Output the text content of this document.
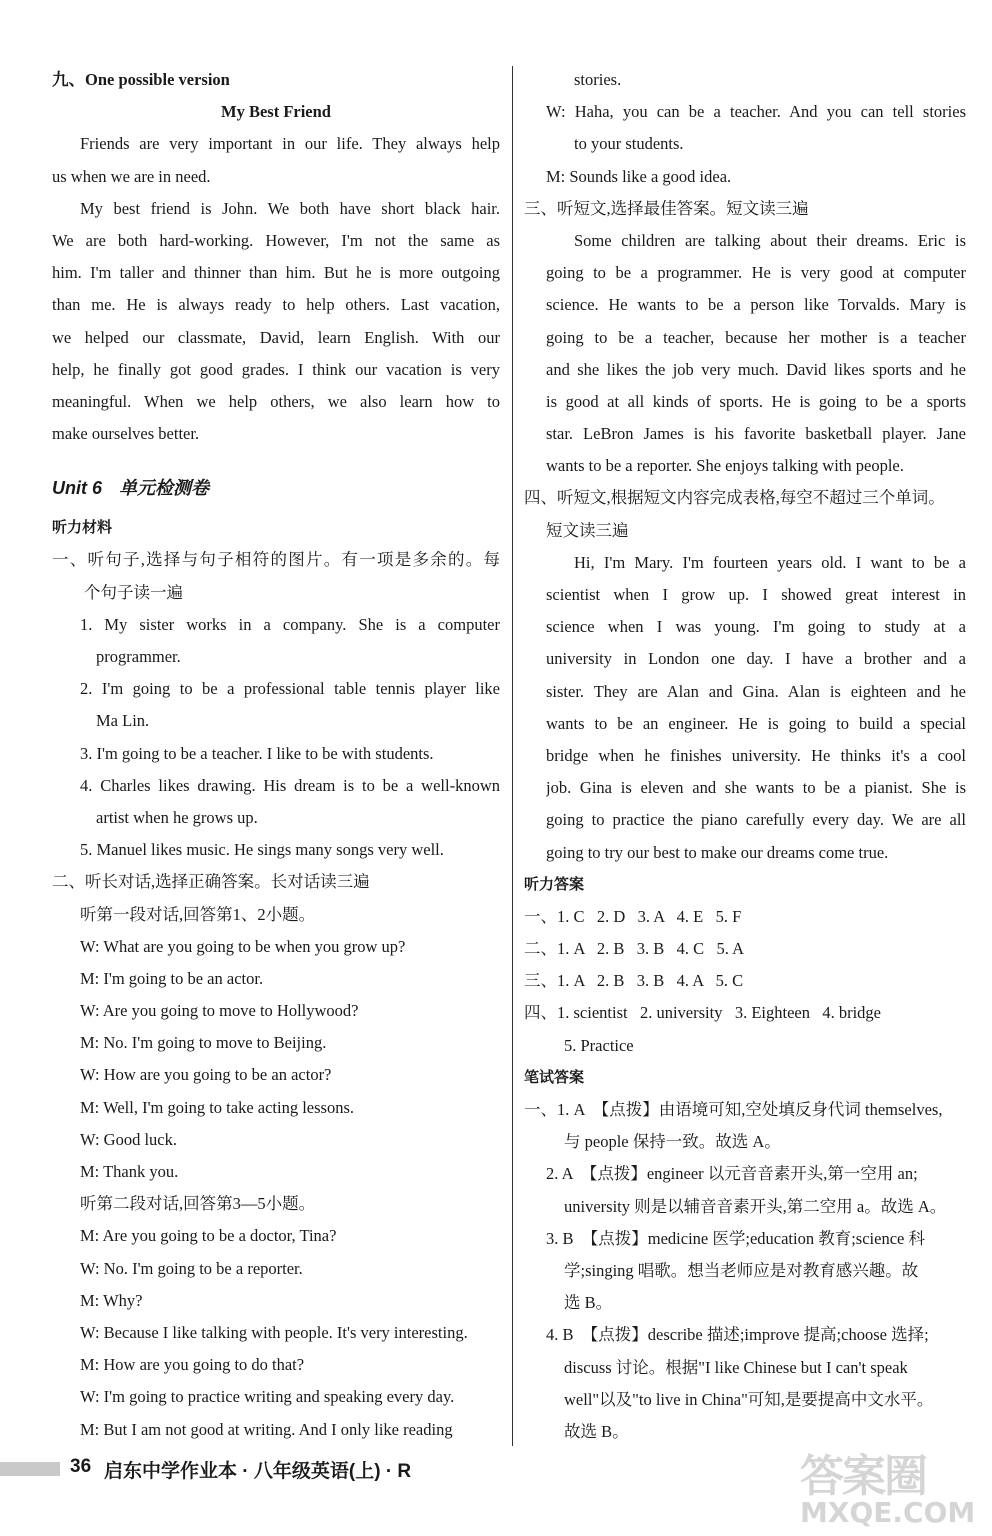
九、One possible version
My Best Friend
Friends are very important in our life. They always help
us when we are in need.
My best friend is John. We both have short black hair.
We are both hard-working. However, I'm not the same as
him. I'm taller and thinner than him. But he is more outgoing
than me. He is always ready to help others. Last vacation,
we helped our classmate, David, learn English. With our
help, he finally got good grades. I think our vacation is very
meaningful. When we help others, we also learn how to
make ourselves better.
Unit 6 单元检测卷
听力材料
一、听句子,选择与句子相符的图片。有一项是多余的。每
个句子读一遍
1. My sister works in a company. She is a computer
programmer.
2. I'm going to be a professional table tennis player like
Ma Lin.
3. I'm going to be a teacher. I like to be with students.
4. Charles likes drawing. His dream is to be a well-known
artist when he grows up.
5. Manuel likes music. He sings many songs very well.
二、听长对话,选择正确答案。长对话读三遍
听第一段对话,回答第1、2小题。
W: What are you going to be when you grow up?
M: I'm going to be an actor.
W: Are you going to move to Hollywood?
M: No. I'm going to move to Beijing.
W: How are you going to be an actor?
M: Well, I'm going to take acting lessons.
W: Good luck.
M: Thank you.
听第二段对话,回答第3—5小题。
M: Are you going to be a doctor, Tina?
W: No. I'm going to be a reporter.
M: Why?
W: Because I like talking with people. It's very interesting.
M: How are you going to do that?
W: I'm going to practice writing and speaking every day.
M: But I am not good at writing. And I only like reading
stories.
W: Haha, you can be a teacher. And you can tell stories
to your students.
M: Sounds like a good idea.
三、听短文,选择最佳答案。短文读三遍
Some children are talking about their dreams. Eric is
going to be a programmer. He is very good at computer
science. He wants to be a person like Torvalds. Mary is
going to be a teacher, because her mother is a teacher
and she likes the job very much. David likes sports and he
is good at all kinds of sports. He is going to be a sports
star. LeBron James is his favorite basketball player. Jane
wants to be a reporter. She enjoys talking with people.
四、听短文,根据短文内容完成表格,每空不超过三个单词。
短文读三遍
Hi, I'm Mary. I'm fourteen years old. I want to be a
scientist when I grow up. I showed great interest in
science when I was young. I'm going to study at a
university in London one day. I have a brother and a
sister. They are Alan and Gina. Alan is eighteen and he
wants to be an engineer. He is going to build a special
bridge when he finishes university. He thinks it's a cool
job. Gina is eleven and she wants to be a pianist. She is
going to practice the piano carefully every day. We are all
going to try our best to make our dreams come true.
听力答案
一、1. C   2. D   3. A   4. E   5. F
二、1. A   2. B   3. B   4. C   5. A
三、1. A   2. B   3. B   4. A   5. C
四、1. scientist   2. university   3. Eighteen   4. bridge
5. Practice
笔试答案
一、1. A  【点拨】由语境可知,空处填反身代词 themselves,
与 people 保持一致。故选 A。
2. A  【点拨】engineer 以元音音素开头,第一空用 an;
university 则是以辅音音素开头,第二空用 a。故选 A。
3. B  【点拨】medicine 医学;education 教育;science 科
学;singing 唱歌。想当老师应是对教育感兴趣。故
选 B。
4. B  【点拨】describe 描述;improve 提高;choose 选择;
discuss 讨论。根据"I like Chinese but I can't speak
well"以及"to live in China"可知,是要提高中文水平。
故选 B。
36 启东中学作业本 · 八年级英语(上) · R	答案圈
MXQE.COM
